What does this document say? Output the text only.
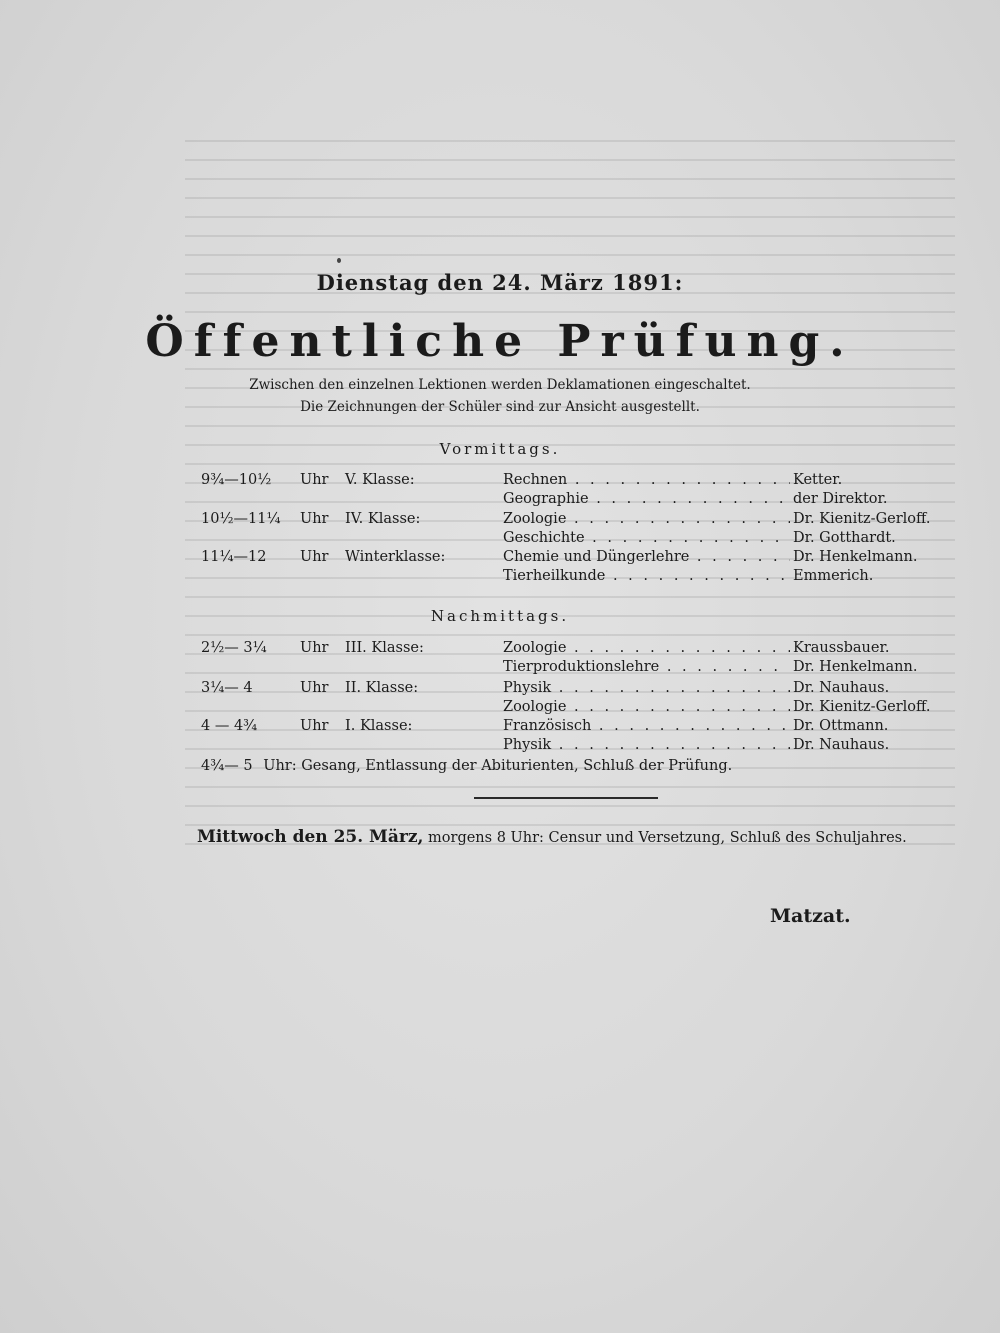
Dienstag den 24. März 1891:
Öffentliche Prüfung.
Zwischen den einzelnen Lektionen werden Deklamationen eingeschaltet.
Die Zeichnungen der Schüler sind zur Ansicht ausgestellt.
Vormittags.
9¾—10½ Uhr V. Klasse:	Rechnen . . .	Ketter.
Geographie . . .	der Direktor.
10½—11¼ Uhr IV. Klasse:	Zoologie . . .	Dr. Kienitz-Gerloff.
Geschichte . . .	Dr. Gotthardt.
11¼—12 Uhr Winterklasse:	Chemie und Düngerlehre . . .	Dr. Henkelmann.
Tierheilkunde . . .	Emmerich.
Nachmittags.
2½— 3¼ Uhr III. Klasse:	Zoologie . . .	Kraussbauer.
Tierproduktionslehre . . .	Dr. Henkelmann.
3¼— 4	Uhr II. Klasse:	Physik . . .	Dr. Nauhaus.
Zoologie . . .	Dr. Kienitz-Gerloff.
4 — 4¾	Uhr I. Klasse:	Französisch . . .	Dr. Ottmann.
Physik . . .	Dr. Nauhaus.
4¾— 5 Uhr: Gesang, Entlassung der Abiturienten, Schluß der Prüfung.
Mittwoch den 25. März, morgens 8 Uhr: Censur und Versetzung, Schluß des Schuljahres.
Matzat.
